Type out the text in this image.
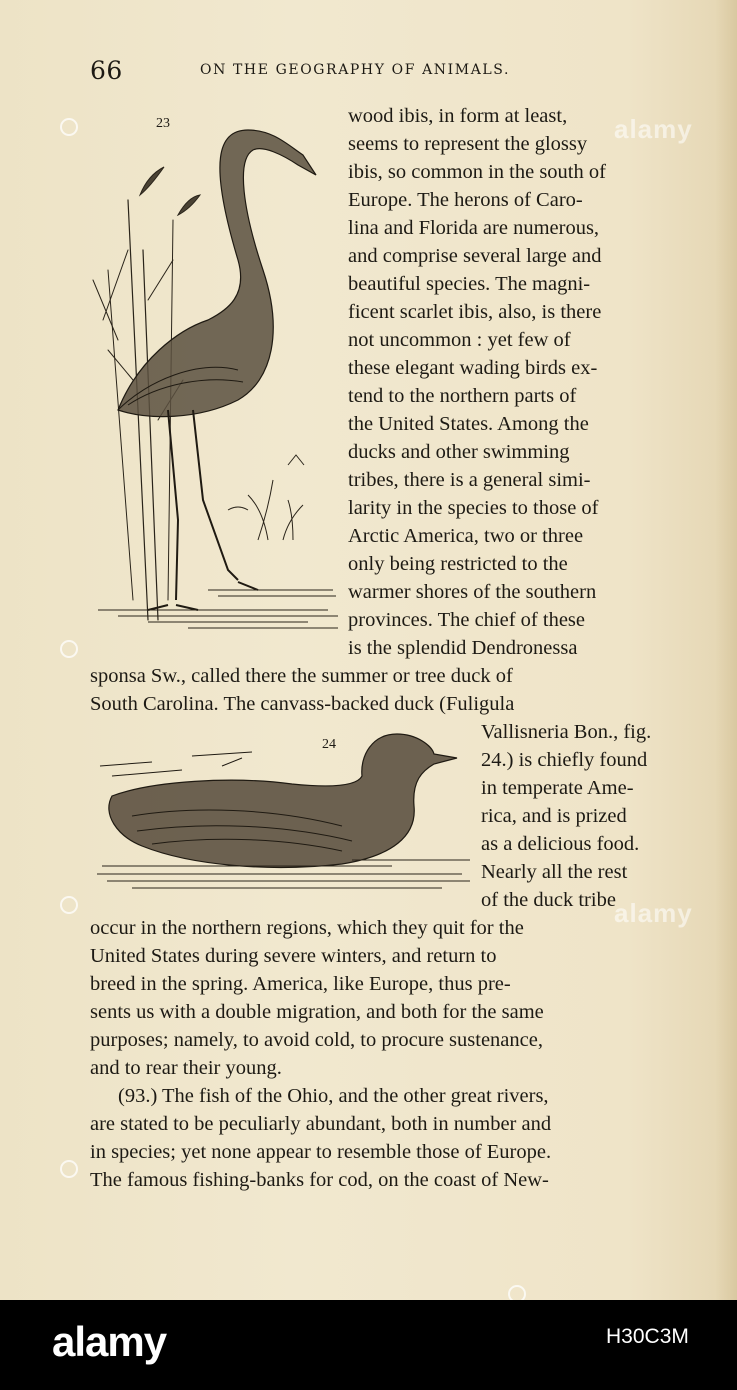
66	ON THE GEOGRAPHY OF ANIMALS.
23
24
wood ibis, in form at least,
seems to represent the glossy
ibis, so common in the south of
Europe. The herons of Caro-
lina and Florida are numerous,
and comprise several large and
beautiful species. The magni-
ficent scarlet ibis, also, is there
not uncommon : yet few of
these elegant wading birds ex-
tend to the northern parts of
the United States. Among the
ducks and other swimming
tribes, there is a general simi-
larity in the species to those of
Arctic America, two or three
only being restricted to the
warmer shores of the southern
provinces. The chief of these
is the splendid Dendronessa
sponsa Sw., called there the summer or tree duck of
South Carolina. The canvass-backed duck (Fuligula
Vallisneria Bon., fig.
24.) is chiefly found
in temperate Ame-
rica, and is prized
as a delicious food.
Nearly all the rest
of the duck tribe
occur in the northern regions, which they quit for the
United States during severe winters, and return to
breed in the spring. America, like Europe, thus pre-
sents us with a double migration, and both for the same
purposes; namely, to avoid cold, to procure sustenance,
and to rear their young.
(93.) The fish of the Ohio, and the other great rivers,
are stated to be peculiarly abundant, both in number and
in species; yet none appear to resemble those of Europe.
The famous fishing-banks for cod, on the coast of New-
alamy
alamy
alamy	H30C3M
